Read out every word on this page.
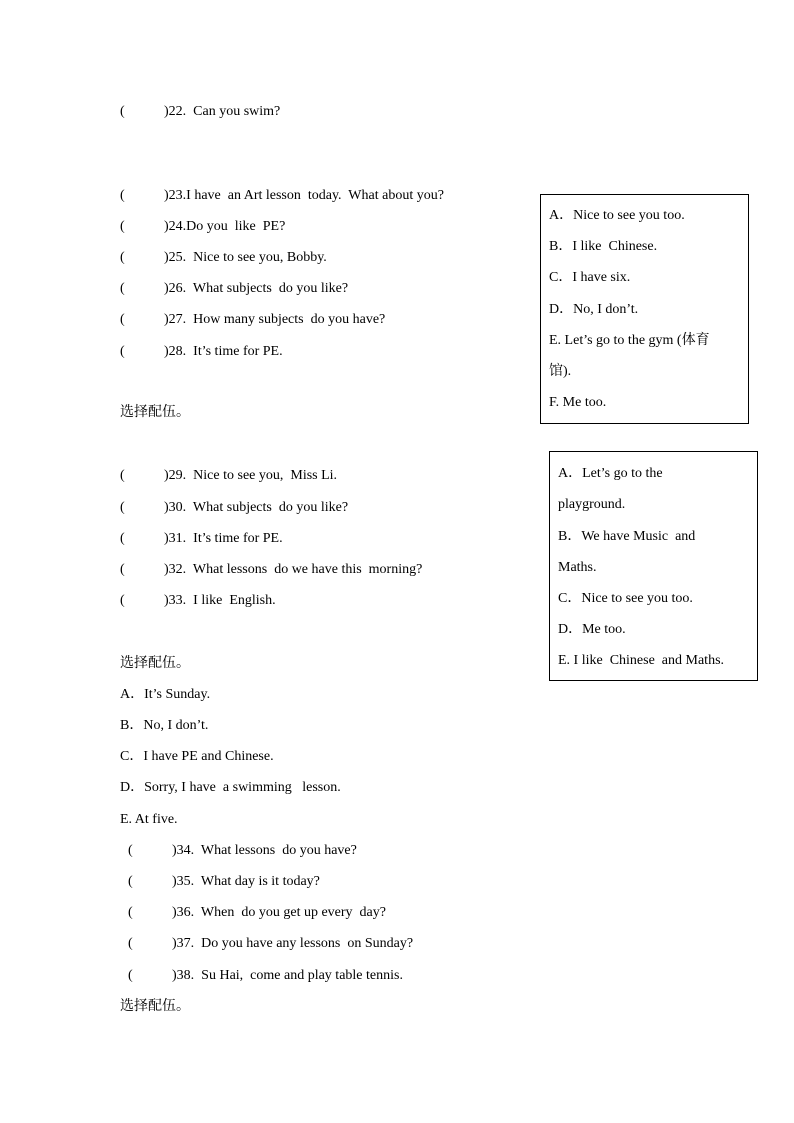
(	)22. Can you swim?
(	)23.I have  an Art lesson  today.  What about you?
(	)24.Do you  like  PE?
(	)25. Nice to see you, Bobby.
(	)26. What subjects  do you like?
(	)27. How many subjects  do you have?
(	)28. It’s time for PE.
选择配伍。
A．Nice to see you too.
B．I like  Chinese.
C．I have six.
D．No, I don’t.
E. Let’s go to the gym (体育
馆).
F. Me too.
(	)29. Nice to see you,  Miss Li.
(	)30. What subjects  do you like?
(	)31. It’s time for PE.
(	)32. What lessons  do we have this  morning?
(	)33. I like  English.
A．Let’s go to the
playground.
B．We have Music  and
Maths.
C．Nice to see you too.
D．Me too.
E. I like  Chinese  and Maths.
选择配伍。
A．It’s Sunday.
B．No, I don’t.
C．I have PE and Chinese.
D．Sorry, I have  a swimming   lesson.
E. At five.
(	)34. What lessons  do you have?
(	)35. What day is it today?
(	)36. When  do you get up every  day?
(	)37. Do you have any lessons  on Sunday?
(	)38. Su Hai,  come and play table tennis.
选择配伍。
